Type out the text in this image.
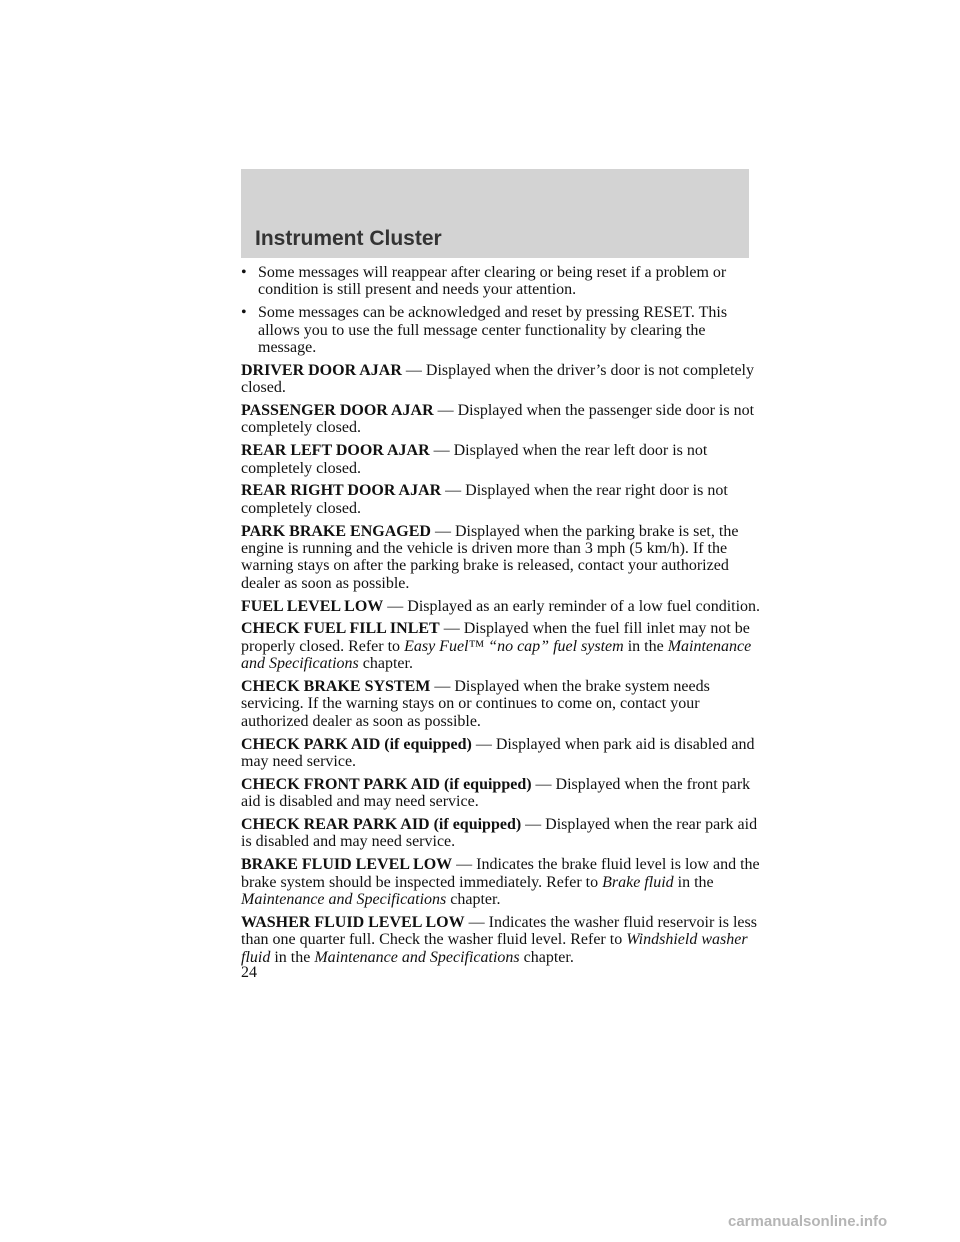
Instrument Cluster
• Some messages will reappear after clearing or being reset if a problem or condition is still present and needs your attention.
• Some messages can be acknowledged and reset by pressing RESET. This allows you to use the full message center functionality by clearing the message.

DRIVER DOOR AJAR — Displayed when the driver’s door is not completely closed.

PASSENGER DOOR AJAR — Displayed when the passenger side door is not completely closed.

REAR LEFT DOOR AJAR — Displayed when the rear left door is not completely closed.

REAR RIGHT DOOR AJAR — Displayed when the rear right door is not completely closed.

PARK BRAKE ENGAGED — Displayed when the parking brake is set, the engine is running and the vehicle is driven more than 3 mph (5 km/h). If the warning stays on after the parking brake is released, contact your authorized dealer as soon as possible.

FUEL LEVEL LOW — Displayed as an early reminder of a low fuel condition.

CHECK FUEL FILL INLET — Displayed when the fuel fill inlet may not be properly closed. Refer to Easy Fuel™ “no cap” fuel system in the Maintenance and Specifications chapter.

CHECK BRAKE SYSTEM — Displayed when the brake system needs servicing. If the warning stays on or continues to come on, contact your authorized dealer as soon as possible.

CHECK PARK AID (if equipped) — Displayed when park aid is disabled and may need service.

CHECK FRONT PARK AID (if equipped) — Displayed when the front park aid is disabled and may need service.

CHECK REAR PARK AID (if equipped) — Displayed when the rear park aid is disabled and may need service.

BRAKE FLUID LEVEL LOW — Indicates the brake fluid level is low and the brake system should be inspected immediately. Refer to Brake fluid in the Maintenance and Specifications chapter.

WASHER FLUID LEVEL LOW — Indicates the washer fluid reservoir is less than one quarter full. Check the washer fluid level. Refer to Windshield washer fluid in the Maintenance and Specifications chapter.

24
carmanualsonline.info
